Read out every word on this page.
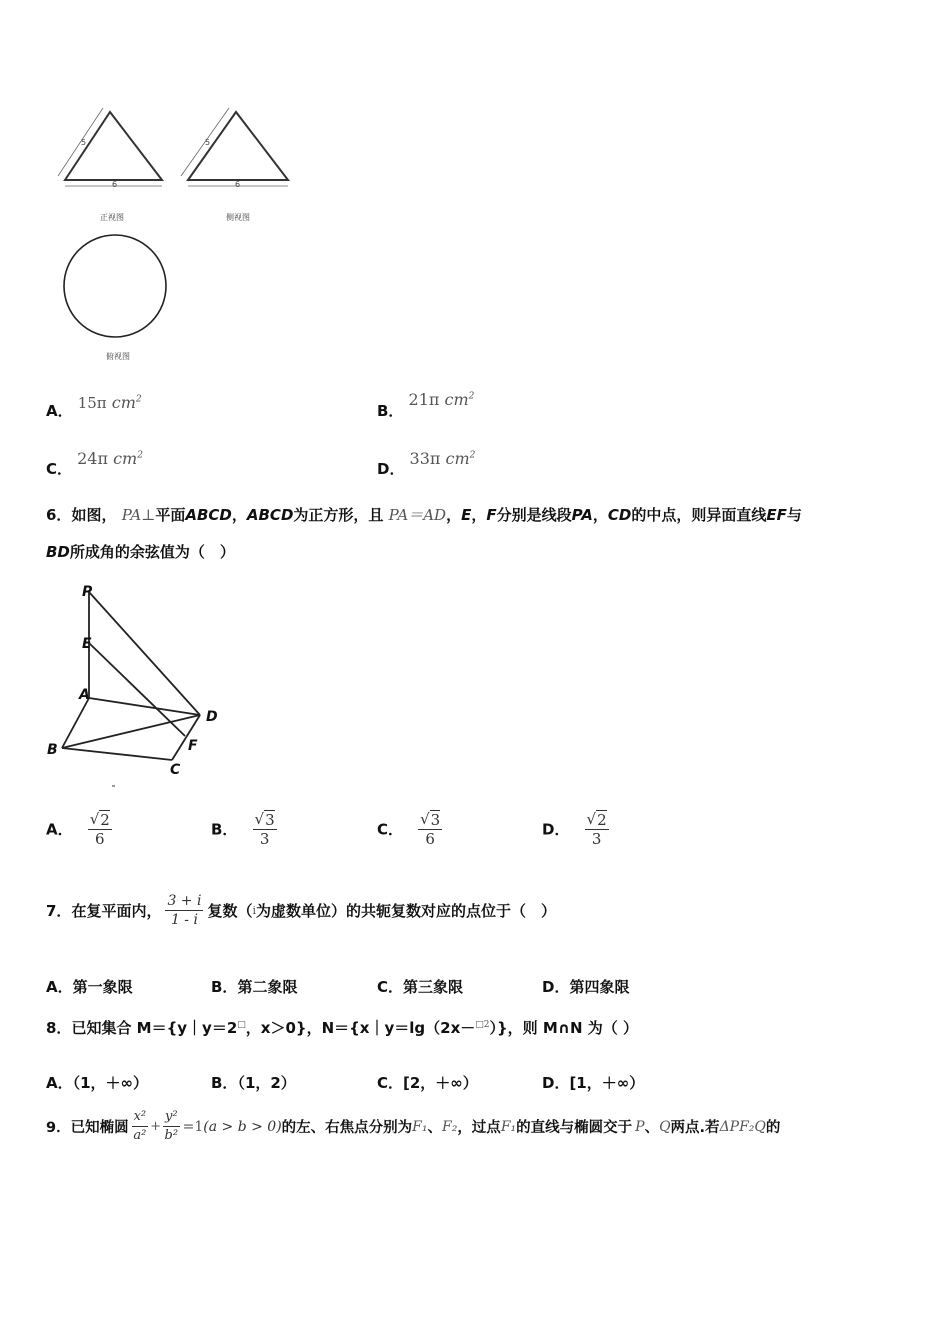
5
6
5
6
正视图	侧视图
俯视图
A． 15π $cm^2$
B． 21π $cm^2$
C． 24π $cm^2$
D． 33π $cm^2$
6．如图， PA⊥平面ABCD，ABCD为正方形，且 PA＝AD，E，F分别是线段PA，CD的中点，则异面直线EF与
BD所成角的余弦值为（　）
P
E
A
D
B	F
C
A． $\frac{√2}{6}$	B． $\frac{√3}{3}$	C． $\frac{√3}{6}$	D． $\frac{√2}{3}$
7． 在复平面内， $\frac{3 + i}{1 - i}$ 复数（ i 为虚数单位）的共轭复数对应的点位于（　）
A．第一象限	B．第二象限	C．第三象限	D．第四象限
8．已知集合 M＝{y｜y＝2□，x＞0}，N＝{x｜y＝lg（2x－$^{□2}$）}，则 M∩N 为（ ）
A．（1，＋∞）	B．（1，2）	C．[2，＋∞）	D．[1，＋∞）
9． 已知椭圆 $\frac{\text{x²}}{\text{a²}} + \frac{\text{y²}}{\text{b²}} =1$ (a > b > 0) 的左、右焦点分别为 F₁ 、 F₂ ，过点 F₁ 的直线与椭圆交于 P 、 Q 两点.若 ΔPF₂Q 的
